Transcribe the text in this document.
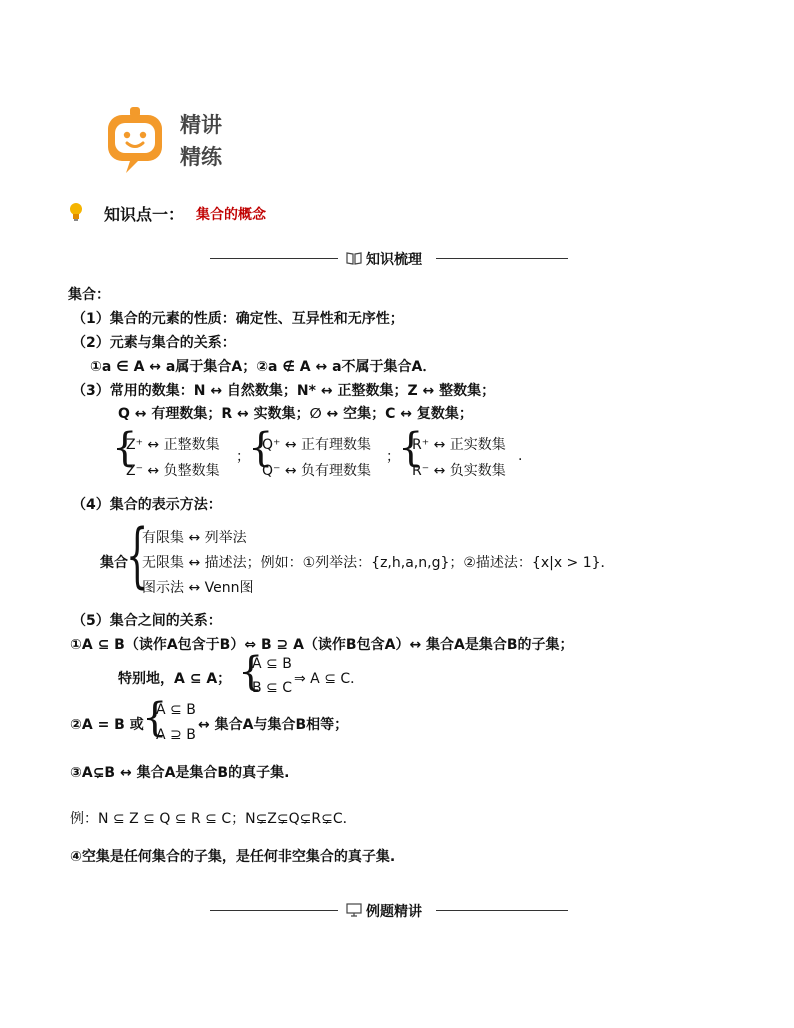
精讲
精练
知识点一： 集合的概念
知识梳理
集合：
（1）集合的元素的性质：确定性、互异性和无序性；
（2）元素与集合的关系：
①a ∈ A ↔ a属于集合A；②a ∉ A ↔ a不属于集合A．
（3）常用的数集：N ↔ 自然数集；N* ↔ 正整数集；Z ↔ 整数集；
Q ↔ 有理数集；R ↔ 实数集；∅ ↔ 空集；C ↔ 复数集；
{
Z⁺ ↔ 正整数集
Z⁻ ↔ 负整数集
；
{
Q⁺ ↔ 正有理数集
Q⁻ ↔ 负有理数集
；
{
R⁺ ↔ 正实数集
R⁻ ↔ 负实数集
.
（4）集合的表示方法：
集合
{
有限集 ↔ 列举法
无限集 ↔ 描述法；例如：①列举法：{z,h,a,n,g}；②描述法：{x|x > 1}．
图示法 ↔ Venn图
（5）集合之间的关系：
①A ⊆ B（读作A包含于B）⇔ B ⊇ A（读作B包含A）↔ 集合A是集合B的子集；
特别地，A ⊆ A； {
A ⊆ B
B ⊆ C
⇒ A ⊆ C．
②A = B 或
{
A ⊆ B
A ⊇ B
↔ 集合A与集合B相等；
③A⊊B ↔ 集合A是集合B的真子集.
例：N ⊆ Z ⊆ Q ⊆ R ⊆ C；N⊊Z⊊Q⊊R⊊C．
④空集是任何集合的子集，是任何非空集合的真子集.
例题精讲
